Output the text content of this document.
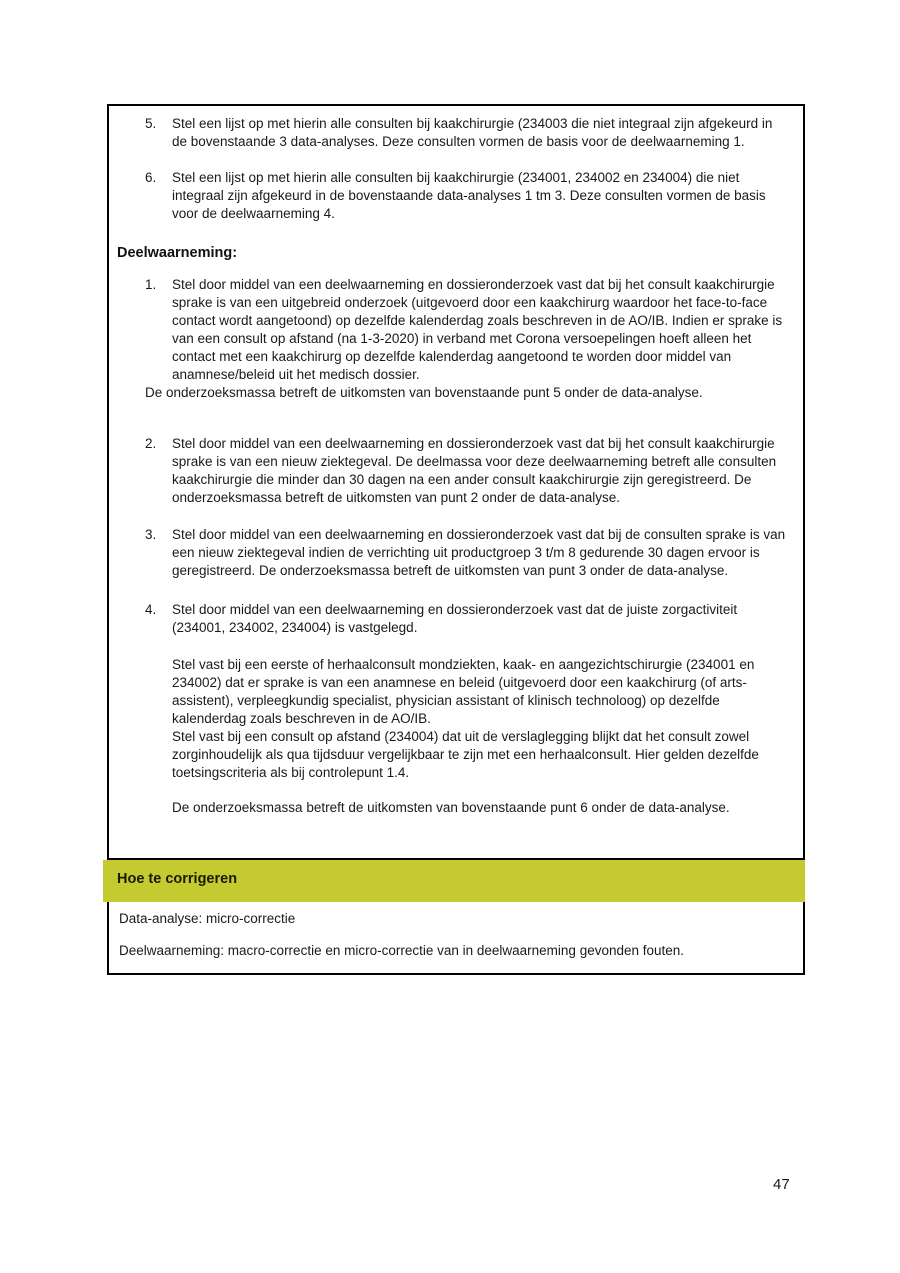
5.	Stel een lijst op met hierin alle consulten bij kaakchirurgie (234003 die niet integraal zijn afgekeurd in de bovenstaande 3 data-analyses. Deze consulten vormen de basis voor de deelwaarneming 1.
6.	Stel een lijst op met hierin alle consulten bij kaakchirurgie (234001, 234002 en 234004) die niet integraal zijn afgekeurd in de bovenstaande data-analyses 1 tm 3. Deze consulten vormen de basis voor de deelwaarneming 4.
Deelwaarneming:
1.	Stel door middel van een deelwaarneming en dossieronderzoek vast dat bij het consult kaakchirurgie sprake is van een uitgebreid onderzoek (uitgevoerd door een kaakchirurg waardoor het face-to-face contact wordt aangetoond) op dezelfde kalenderdag zoals beschreven in de AO/IB. Indien er sprake is van een consult op afstand (na 1-3-2020) in verband met Corona versoepelingen hoeft alleen het contact met een kaakchirurg op dezelfde kalenderdag aangetoond te worden door middel van anamnese/beleid uit het medisch dossier.
De onderzoeksmassa betreft de uitkomsten van bovenstaande punt 5 onder de data-analyse.
2.	Stel door middel van een deelwaarneming en dossieronderzoek vast dat bij het consult kaakchirurgie sprake is van een nieuw ziektegeval. De deelmassa voor deze deelwaarneming betreft alle consulten kaakchirurgie die minder dan 30 dagen na een ander consult kaakchirurgie zijn geregistreerd. De onderzoeksmassa betreft de uitkomsten van punt 2 onder de data-analyse.
3.	Stel door middel van een deelwaarneming en dossieronderzoek vast dat bij de consulten sprake is van een nieuw ziektegeval indien de verrichting uit productgroep 3 t/m 8 gedurende 30 dagen ervoor is geregistreerd. De onderzoeksmassa betreft de uitkomsten van punt 3 onder de data-analyse.
4.	Stel door middel van een deelwaarneming en dossieronderzoek vast dat de juiste zorgactiviteit (234001, 234002, 234004) is vastgelegd.
Stel vast bij een eerste of herhaalconsult mondziekten, kaak- en aangezichtschirurgie (234001 en 234002) dat er sprake is van een anamnese en beleid (uitgevoerd door een kaakchirurg (of arts-assistent), verpleegkundig specialist, physician assistant of klinisch technoloog) op dezelfde kalenderdag zoals beschreven in de AO/IB.
Stel vast bij een consult op afstand (234004) dat uit de verslaglegging blijkt dat het consult zowel zorginhoudelijk als qua tijdsduur vergelijkbaar te zijn met een herhaalconsult. Hier gelden dezelfde toetsingscriteria als bij controlepunt 1.4.
De onderzoeksmassa betreft de uitkomsten van bovenstaande punt 6 onder de data-analyse.
Hoe te corrigeren
Data-analyse: micro-correctie
Deelwaarneming: macro-correctie en micro-correctie van in deelwaarneming gevonden fouten.
47
